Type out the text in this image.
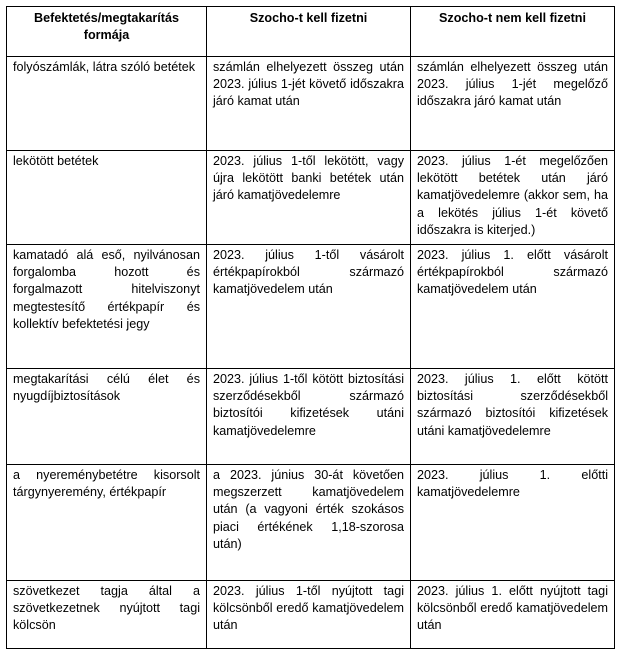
Befektetés/megtakarítás formája	Szocho-t kell fizetni	Szocho-t nem kell fizetni
folyószámlák, látra szóló betétek	számlán elhelyezett összeg után 2023. július 1-jét követő időszakra járó kamat után	számlán elhelyezett összeg után 2023. július 1-jét megelőző időszakra járó kamat után
lekötött betétek	2023. július 1-től lekötött, vagy újra lekötött banki betétek után járó kamatjövedelemre	2023. július 1-ét megelőzően lekötött betétek után járó kamatjövedelemre (akkor sem, ha a lekötés július 1-ét követő időszakra is kiterjed.)
kamatadó alá eső, nyilvánosan forgalomba hozott és forgalmazott hitelviszonyt megtestesítő értékpapír és kollektív befektetési jegy	2023. július 1-től vásárolt értékpapírokból származó kamatjövedelem után	2023. július 1. előtt vásárolt értékpapírokból származó kamatjövedelem után
megtakarítási célú élet és nyugdíjbiztosítások	2023. július 1-től kötött biztosítási szerződésekből származó biztosítói kifizetések utáni kamatjövedelemre	2023. július 1. előtt kötött biztosítási szerződésekből származó biztosítói kifizetések utáni kamatjövedelemre
a nyereménybetétre kisorsolt tárgynyeremény, értékpapír	a 2023. június 30-át követően megszerzett kamatjövedelem után (a vagyoni érték szokásos piaci értékének 1,18-szorosa után)	2023. július 1. előtti kamatjövedelemre
szövetkezet tagja által a szövetkezetnek nyújtott tagi kölcsön	2023. július 1-től nyújtott tagi kölcsönből eredő kamatjövedelem után	2023. július 1. előtt nyújtott tagi kölcsönből eredő kamatjövedelem után
